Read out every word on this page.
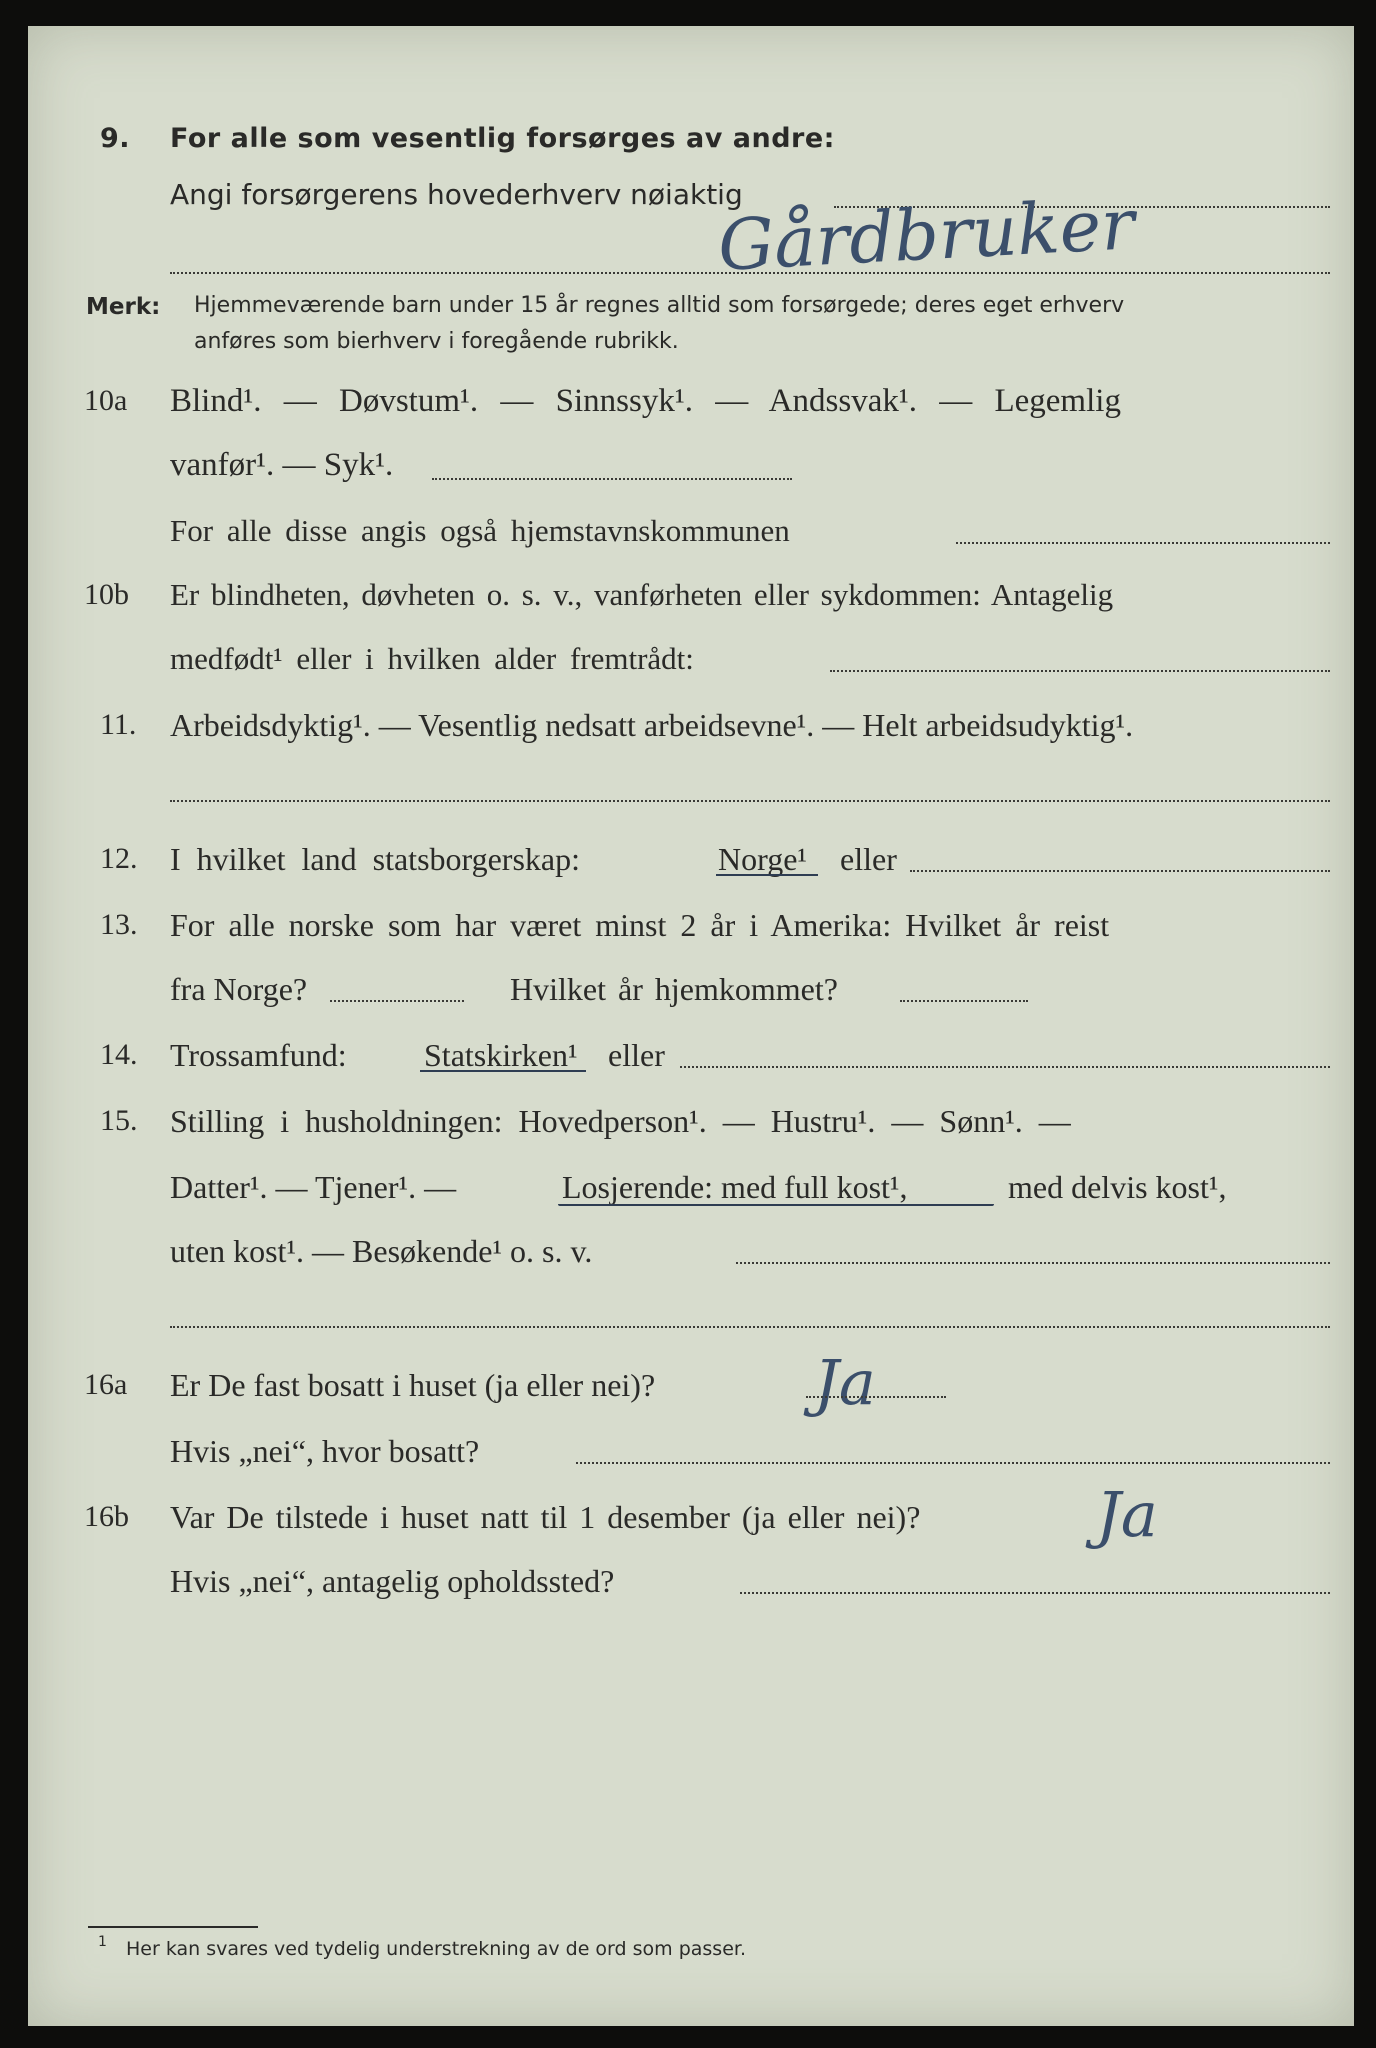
9. For alle som vesentlig forsørges av andre:
Angi forsørgerens hovederhverv nøiaktig
Gårdbruker
Merk: Hjemmeværende barn under 15 år regnes alltid som forsørgede; deres eget erhverv
anføres som bierhverv i foregående rubrikk.
10a Blind¹. — Døvstum¹. — Sinnssyk¹. — Andssvak¹. — Legemlig
vanfør¹. — Syk¹.
For alle disse angis også hjemstavnskommunen
10b Er blindheten, døvheten o. s. v., vanførheten eller sykdommen: Antagelig
medfødt¹ eller i hvilken alder fremtrådt:
11. Arbeidsdyktig¹. — Vesentlig nedsatt arbeidsevne¹. — Helt arbeidsudyktig¹.
12. I hvilket land statsborgerskap:	Norge¹ eller
13. For alle norske som har været minst 2 år i Amerika: Hvilket år reist
fra Norge?	Hvilket år hjemkommet?
14. Trossamfund: Statskirken¹ eller
15. Stilling i husholdningen: Hovedperson¹. — Hustru¹. — Sønn¹. —
Datter¹. — Tjener¹. —	Losjerende: med full kost¹,	med delvis kost¹,
uten kost¹. — Besøkende¹ o. s. v.
16a Er De fast bosatt i huset (ja eller nei)?	Ja
Hvis „nei“, hvor bosatt?
16b Var De tilstede i huset natt til 1 desember (ja eller nei)?	Ja
Hvis „nei“, antagelig opholdssted?
1 Her kan svares ved tydelig understrekning av de ord som passer.
